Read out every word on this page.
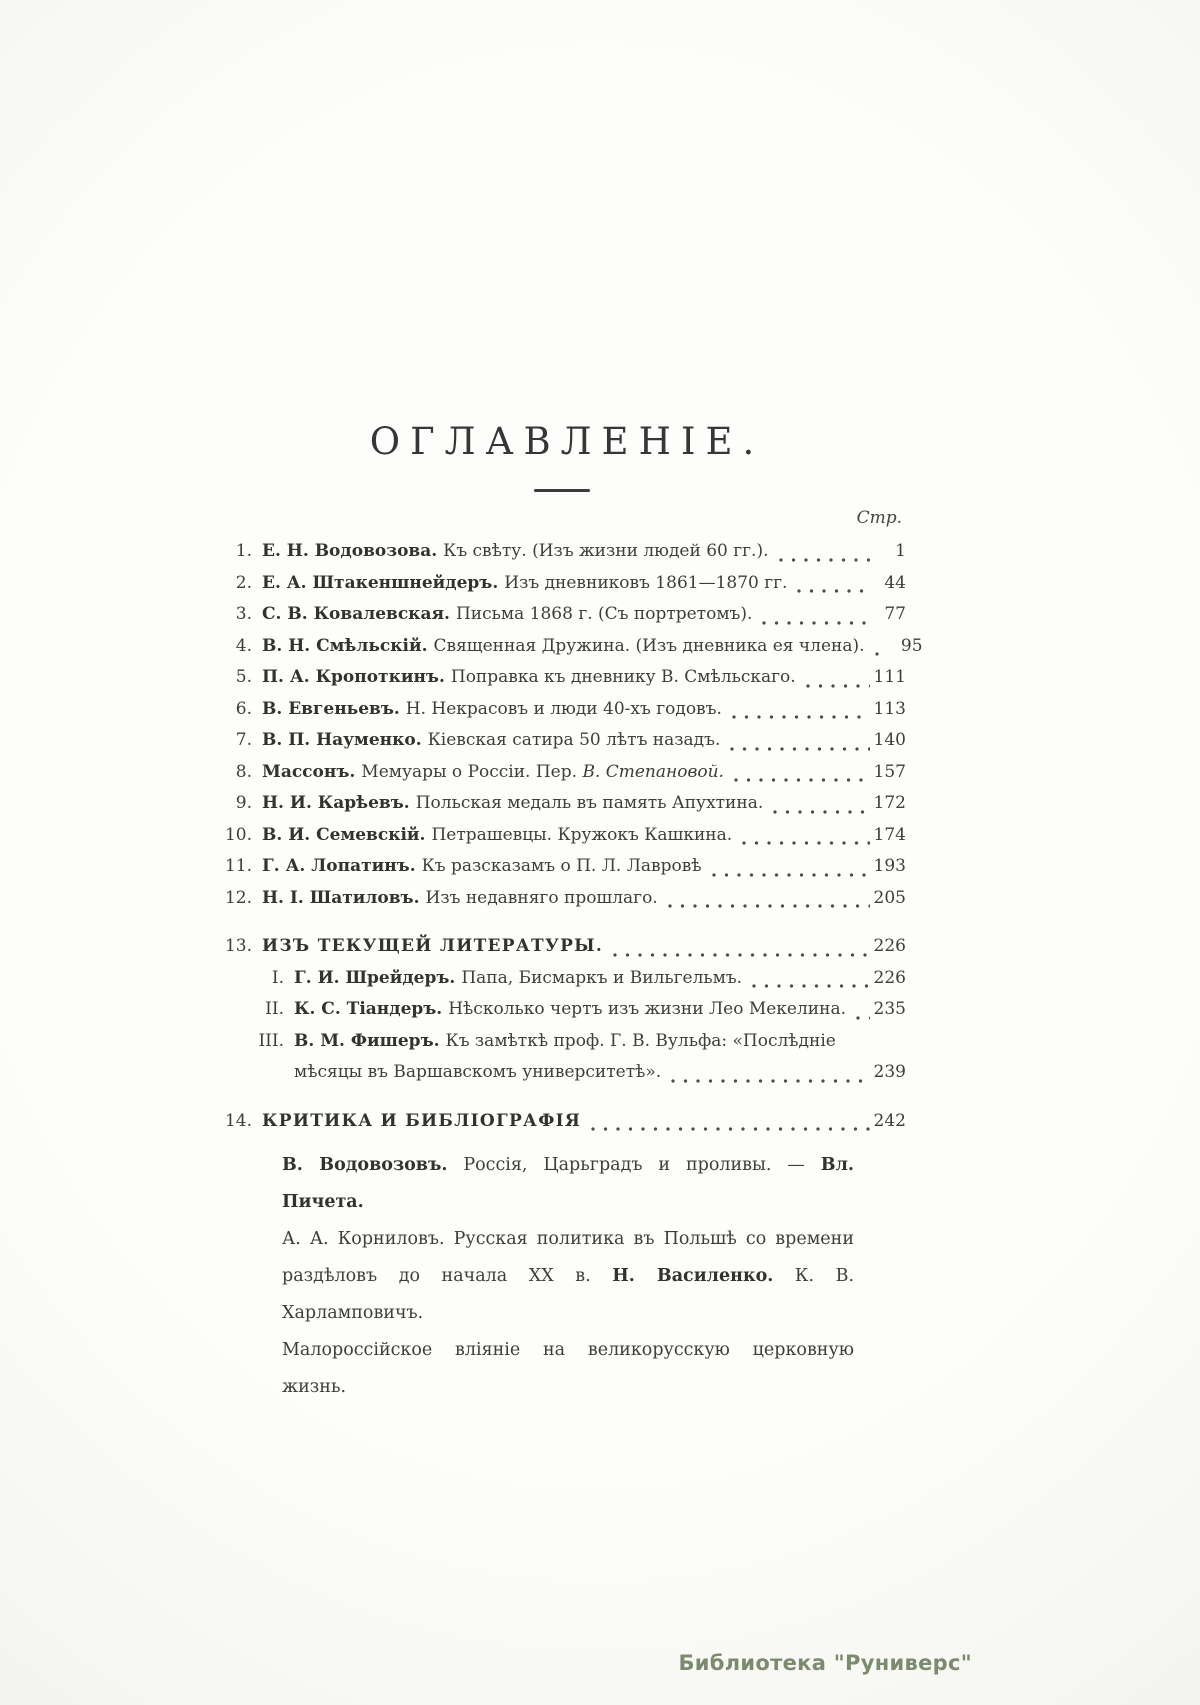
ОГЛАВЛЕНІЕ.
Стр.
1. Е. Н. Водовозова. Къ свѣту. (Изъ жизни людей 60 гг.).	1
2. Е. А. Штакеншнейдеръ. Изъ дневниковъ 1861—1870 гг.	44
3. С. В. Ковалевская. Письма 1868 г. (Съ портретомъ).	77
4. В. Н. Смѣльскій. Священная Дружина. (Изъ дневника ея члена).	95
5. П. А. Кропоткинъ. Поправка къ дневнику В. Смѣльскаго.	111
6. В. Евгеньевъ. Н. Некрасовъ и люди 40-хъ годовъ.	113
7. В. П. Науменко. Кіевская сатира 50 лѣтъ назадъ.	140
8. Массонъ. Мемуары о Россіи. Пер. В. Степановой.	157
9. Н. И. Карѣевъ. Польская медаль въ память Апухтина.	172
10. В. И. Семевскій. Петрашевцы. Кружокъ Кашкина.	174
11. Г. А. Лопатинъ. Къ разсказамъ о П. Л. Лавровѣ	193
12. Н. І. Шатиловъ. Изъ недавняго прошлаго.	205
13. ИЗЪ ТЕКУЩЕЙ ЛИТЕРАТУРЫ.	226
I. Г. И. Шрейдеръ. Папа, Бисмаркъ и Вильгельмъ.	226
II. К. С. Тіандеръ. Нѣсколько чертъ изъ жизни Лео Мекелина. 235
III. В. М. Фишеръ. Къ замѣткѣ проф. Г. В. Вульфа: «Послѣдніе
мѣсяцы въ Варшавскомъ университетѣ».	239
14. КРИТИКА И БИБЛІОГРАФІЯ	242
В. Водовозовъ. Россія, Царьградъ и проливы. — Вл. Пичета.
А. А. Корниловъ. Русская политика въ Польшѣ со времени
раздѣловъ до начала XX в. Н. Василенко. К. В. Харламповичъ.
Малороссійское вліяніе на великорусскую церковную жизнь.
Библиотека "Руниверс"
